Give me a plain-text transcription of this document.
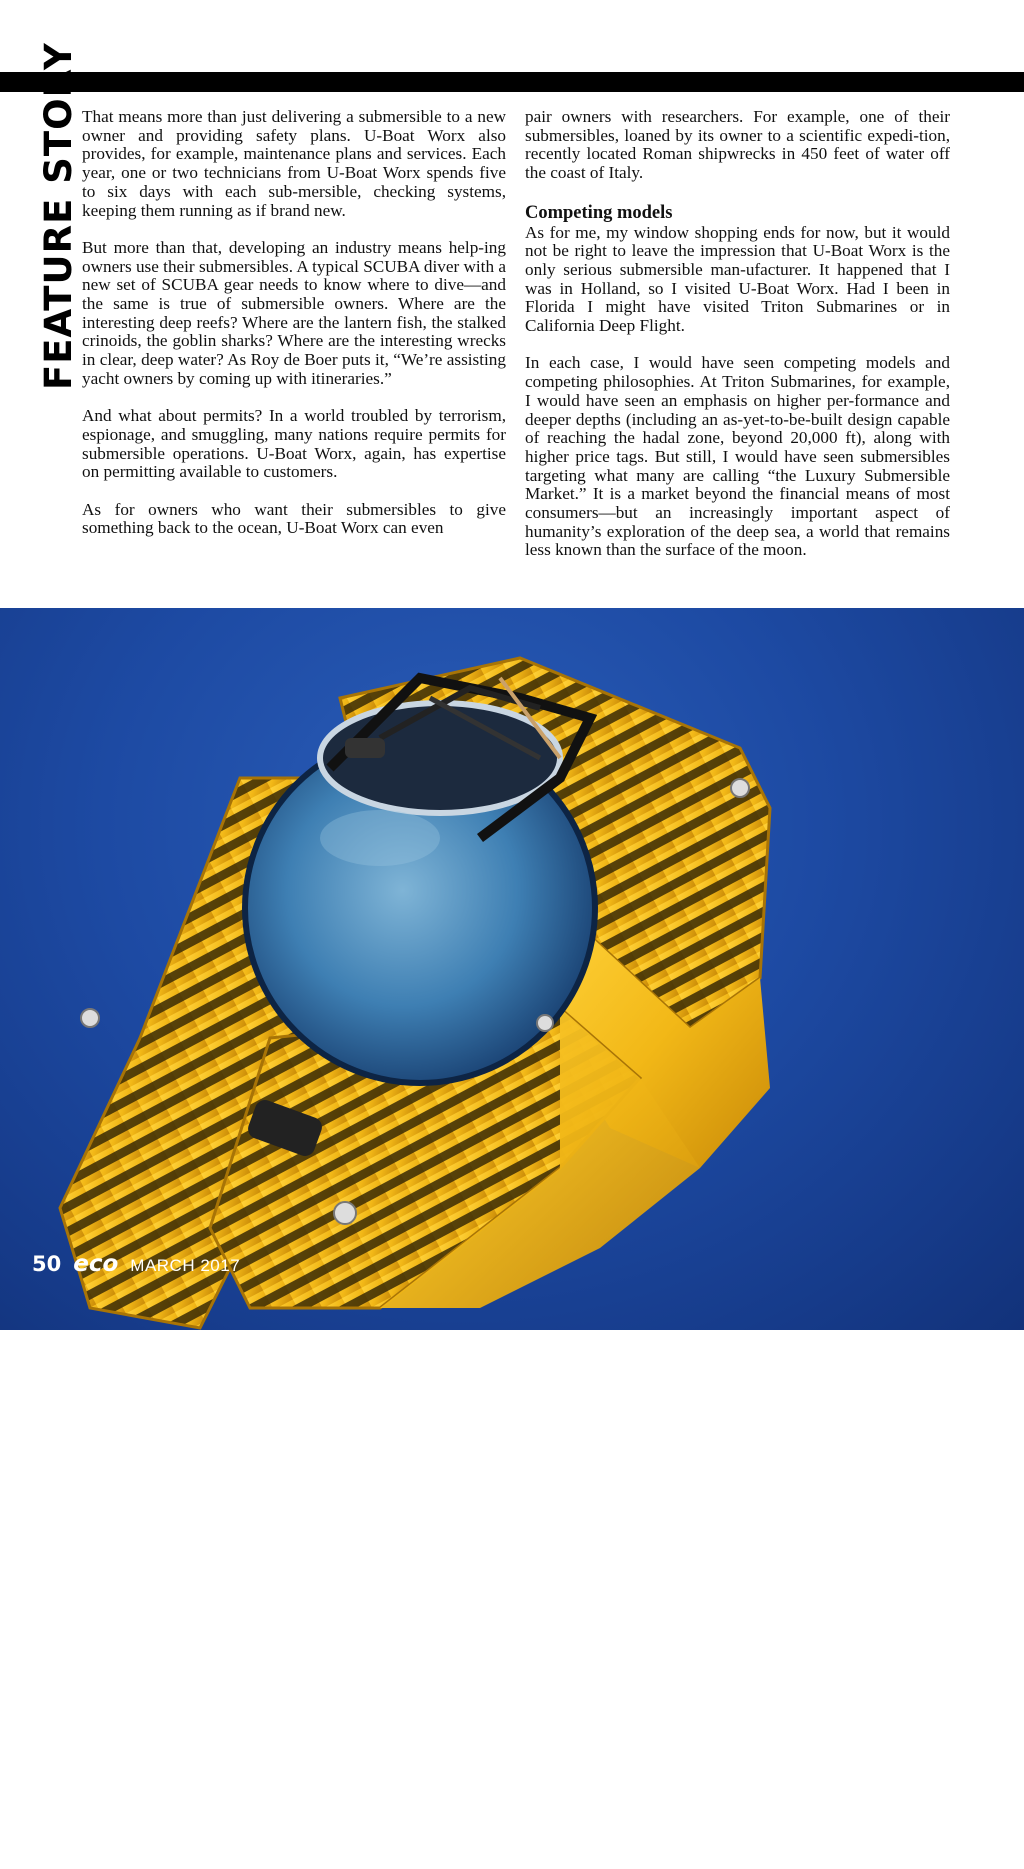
FEATURE STORY That means more than just delivering a submersible to a new owner and providing safety plans. U-Boat Worx also provides, for example, maintenance plans and services. Each year, one or two technicians from U-Boat Worx spends five to six days with each sub-mersible, checking systems, keeping them running as if brand new.

But more than that, developing an industry means help-ing owners use their submersibles. A typical SCUBA diver with a new set of SCUBA gear needs to know where to dive—and the same is true of submersible owners. Where are the interesting deep reefs? Where are the lantern fish, the stalked crinoids, the goblin sharks? Where are the interesting wrecks in clear, deep water? As Roy de Boer puts it, “We’re assisting yacht owners by coming up with itineraries.”

And what about permits? In a world troubled by terrorism, espionage, and smuggling, many nations require permits for submersible operations. U-Boat Worx, again, has expertise on permitting available to customers.

As for owners who want their submersibles to give something back to the ocean, U-Boat Worx can even

pair owners with researchers. For example, one of their submersibles, loaned by its owner to a scientific expedi-tion, recently located Roman shipwrecks in 450 feet of water off the coast of Italy.

Competing models

As for me, my window shopping ends for now, but it would not be right to leave the impression that U-Boat Worx is the only serious submersible man-ufacturer. It happened that I was in Holland, so I visited U-Boat Worx. Had I been in Florida I might have visited Triton Submarines or in California Deep Flight.

In each case, I would have seen competing models and competing philosophies. At Triton Submarines, for example, I would have seen an emphasis on higher per-formance and deeper depths (including an as-yet-to-be-built design capable of reaching the hadal zone, beyond 20,000 ft), along with higher price tags. But still, I would have seen submersibles targeting what many are calling “the Luxury Submersible Market.” It is a market beyond the financial means of most consumers—but an increasingly important aspect of humanity’s exploration of the deep sea, a world that remains less known than the surface of the moon.

Triton submersibles have been operated from the Mediter-ranean to the Solomon Islands, from Antarctica to Tahiti.
50 eco MARCH 2017
